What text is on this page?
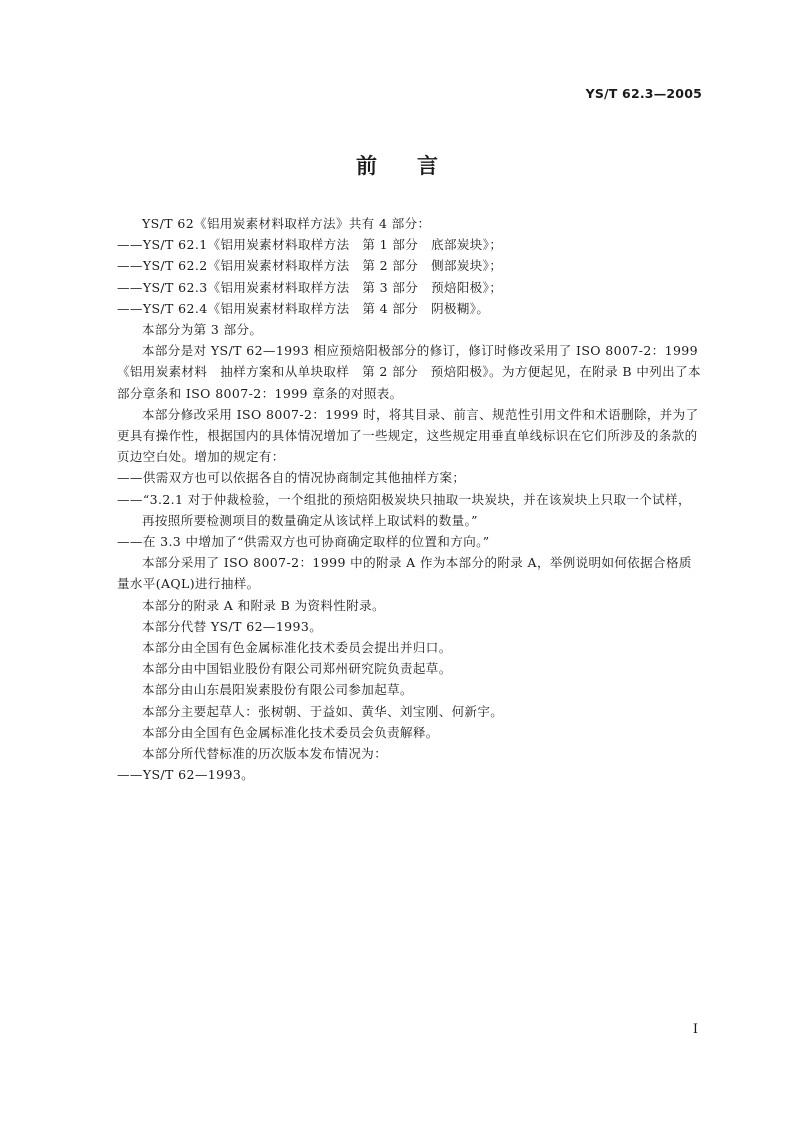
YS/T 62.3—2005
前言

YS/T 62《铝用炭素材料取样方法》共有 4 部分：

—— YS/T 62.1《铝用炭素材料取样方法　第 1 部分　底部炭块》；

—— YS/T 62.2《铝用炭素材料取样方法　第 2 部分　侧部炭块》；

—— YS/T 62.3《铝用炭素材料取样方法　第 3 部分　预焙阳极》；

—— YS/T 62.4《铝用炭素材料取样方法　第 4 部分　阴极糊》。

本部分为第 3 部分。

本部分是对 YS/T 62—1993 相应预焙阳极部分的修订，修订时修改采用了 ISO 8007-2：1999《铝用炭素材料　抽样方案和从单块取样　第 2 部分　预焙阳极》。为方便起见，在附录 B 中列出了本部分章条和 ISO 8007-2：1999 章条的对照表。

本部分修改采用 ISO 8007-2：1999 时，将其目录、前言、规范性引用文件和术语删除，并为了更具有操作性，根据国内的具体情况增加了一些规定，这些规定用垂直单线标识在它们所涉及的条款的页边空白处。增加的规定有：

—— 供需双方也可以依据各自的情况协商制定其他抽样方案；

—— “3.2.1 对于仲裁检验，一个组批的预焙阳极炭块只抽取一块炭块，并在该炭块上只取一个试样，再按照所要检测项目的数量确定从该试样上取试料的数量。”

—— 在 3.3 中增加了“供需双方也可协商确定取样的位置和方向。”

本部分采用了 ISO 8007-2：1999 中的附录 A 作为本部分的附录 A，举例说明如何依据合格质量水平(AQL)进行抽样。

本部分的附录 A 和附录 B 为资料性附录。

本部分代替 YS/T 62—1993。

本部分由全国有色金属标准化技术委员会提出并归口。

本部分由中国铝业股份有限公司郑州研究院负责起草。

本部分由山东晨阳炭素股份有限公司参加起草。

本部分主要起草人：张树朝、于益如、黄华、刘宝刚、何新宇。

本部分由全国有色金属标准化技术委员会负责解释。

本部分所代替标准的历次版本发布情况为：

—— YS/T 62—1993。

I
